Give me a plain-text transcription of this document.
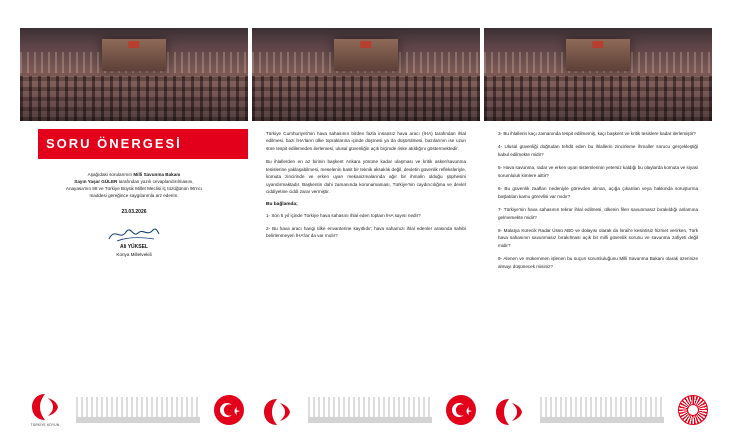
SORU ÖNERGESİ
Aşağıdaki sorularımın Milli Savunma Bakanı
Sayın Yaşar GÜLER tarafından yazılı cevaplandırılmasını,
Anayasa'nın 98 ve Türkiye Büyük Millet Meclisi İç tüzüğünün 96'ncı
maddesi gereğince saygılarımla arz ederim.
23.03.2026
Ali YÜKSEL
Konya Milletvekili

Türkiye Cumhuriyeti'nin hava sahasının birden fazla insansız hava aracı (İHA) tarafından ihlal edilmesi, bazı İHA'ların ülke topraklarına içinde düşmesi ya da düşürülmesi, bazılarının ise uzun süre tespit edilemeden ilerlemesi, ulusal güvenliğin açık biçimde riske atıldığını göstermektedir.

Bu ihlallerden en az birinin başkent Ankara yönüne kadar ulaşması ve kritik asker/savunma tesislerine yaklaşabilmesi, meselenin basit bir teknik aksaklık değil, devletin güvenlik refleksleriyle, komuta zincirinde ve erken uyarı mekanizmalarında ağır bir ihmalin olduğu şüphesini uyandırmaktadır. Başkentin dahi zamanında korunamaması, Türkiye'nin caydırıcılığına ve devlet ciddiyetine ciddi zarar vermiştir.

Bu bağlamda;

1- Son 5 yıl içinde Türkiye hava sahasını ihlal eden toplam İHA sayısı nedir?

2- Bu hava aracı hangi ülke envanterine kayıtlıdır; hava sahamızı ihlal edenler arasında sahibi belirlenmeyen İHA'lar da var mıdır?

3- Bu ihlallerin kaçı zamanında tespit edilmemiş, kaçı başkent ve kritik tesislere kadar ilerlemiştir?

4- Ulusal güvenliği doğrudan tehdit eden bu ihlallerin zincirleme ihmaller sorucu gerçekleştiği kabul edilmekte midir?

5- Hava savunma, radar ve erken uyarı sistemlerinin yetersiz kaldığı bu olaylarda komuta ve siyasi sorumluluk kimlere aittir?

6- Bu güvenlik zaafları nedeniyle görevden alınan, açığa çıkarılan veya hakkında soruşturma başlatılan kamu görevlisi var mıdır?

7- Türkiye'nin hava sahasının tekrar ihlal edilmesi, ülkenin filen savunmasız bırakıldığı anlamına gelmemekte midir?

8- Malatya Kürecik Radar Üssü ABD ve dolayısı olarak da İsrail'e kesintisiz hizmet verirken, Türk hava sahasının savunmasız bırakılması açık bir milli güvenlik sorunu ve savunma zafiyeti değil midir?

9- Alenen ve mükemmen işlenen bu suçun sorumluluğunu Milli Savunma Bakanı olarak üzerinize almayı düşünecek misiniz?

TÜRKİYE KOYUN
